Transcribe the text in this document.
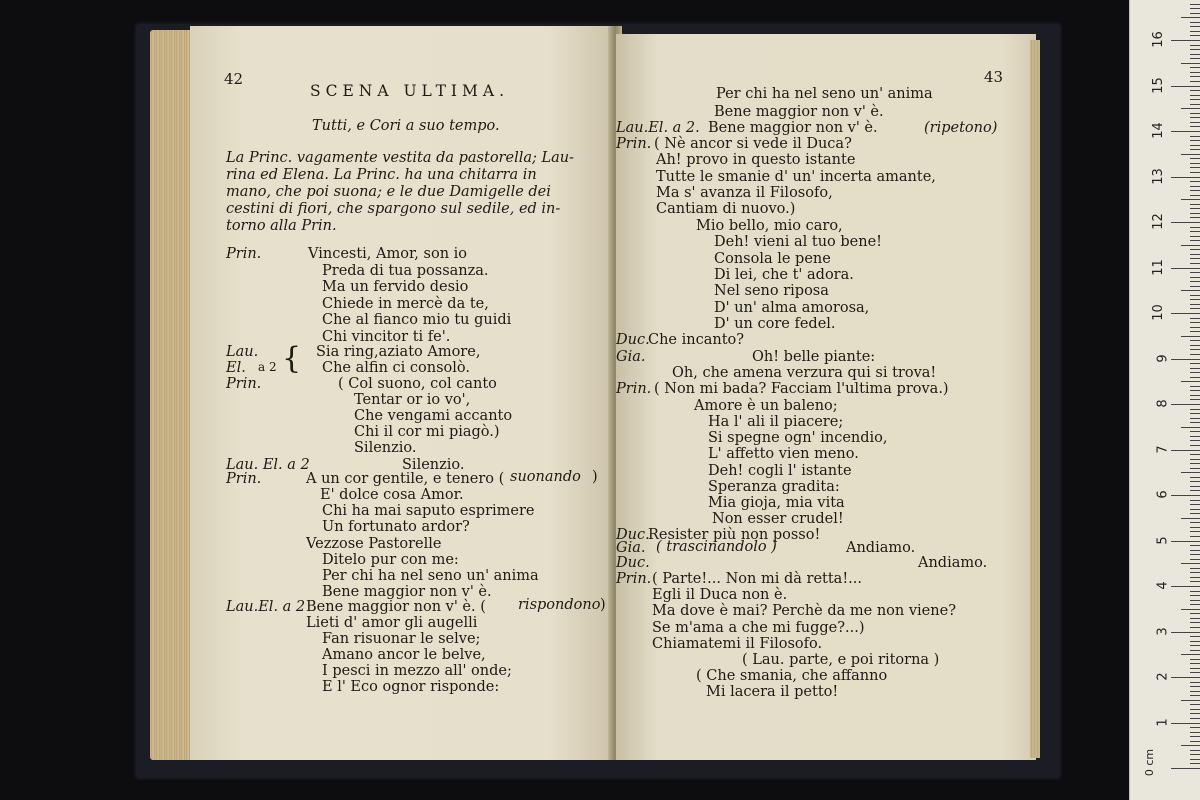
42
SCENA ULTIMA.
Tutti, e Cori a suo tempo.
La Princ. vagamente vestita da pastorella; Lau-
rina ed Elena. La Princ. ha una chitarra in
mano, che poi suona; e le due Damigelle dei
cestini di fiori, che spargono sul sedile, ed in-
torno alla Prin.
Prin.	Vincesti, Amor, son io
Preda di tua possanza.
Ma un fervido desio
Chiede in mercè da te,
Che al fianco mio tu guidi
Chi vincitor ti fe'.
Lau.	Sia ring,aziato Amore,
El.	Che alfin ci consolò.
Prin.	( Col suono, col canto
Tentar or io vo',
Che vengami accanto
Chi il cor mi piagò.)
Silenzio.
Lau. El. a 2	Silenzio.
Prin.	A un cor gentile, e tenero (
E' dolce cosa Amor.
Chi ha mai saputo esprimere
Un fortunato ardor?
Vezzose Pastorelle
Ditelo pur con me:
Per chi ha nel seno un' anima
Bene maggior non v' è.
Lau.El. a 2 Bene maggior non v' è. (
Lieti d' amor gli augelli
Fan risuonar le selve;
Amano ancor le belve,
I pesci in mezzo all' onde;
E l' Eco ognor risponde:
a 2 {
suonando )
rispondono )
43
Per chi ha nel seno un' anima
Bene maggior non v' è.
Lau.El. a 2. Bene maggior non v' è.
Prin. ( Nè ancor si vede il Duca?
Ah! provo in questo istante
Tutte le smanie d' un' incerta amante,
Ma s' avanza il Filosofo,
Cantiam di nuovo.)
Mio bello, mio caro,
Deh! vieni al tuo bene!
Consola le pene
Di lei, che t' adora.
Nel seno riposa
D' un' alma amorosa,
D' un core fedel.
Duc.
Che incanto?
Gia.	Oh! belle piante:
Oh, che amena verzura qui si trova!
Prin. ( Non mi bada? Facciam l'ultima prova.)
Amore è un baleno;
Ha l' ali il piacere;
Si spegne ogn' incendio,
L' affetto vien meno.
Deh! cogli l' istante
Speranza gradita:
Mia gioja, mia vita
Non esser crudel!
Duc.
Resister più non posso!
Gia.	Andiamo.
Duc.	Andiamo.
Prin. ( Parte!... Non mi dà retta!...
Egli il Duca non è.
Ma dove è mai? Perchè da me non viene?
Se m'ama a che mi fugge?...)
Chiamatemi il Filosofo.
( Lau. parte, e poi ritorna )
( Che smania, che affanno
Mi lacera il petto!
(ripetono)
( trascinandolo )
1
2
3
4
5
6
7
8
9
10
11
12
13
14
15
16
0 cm
